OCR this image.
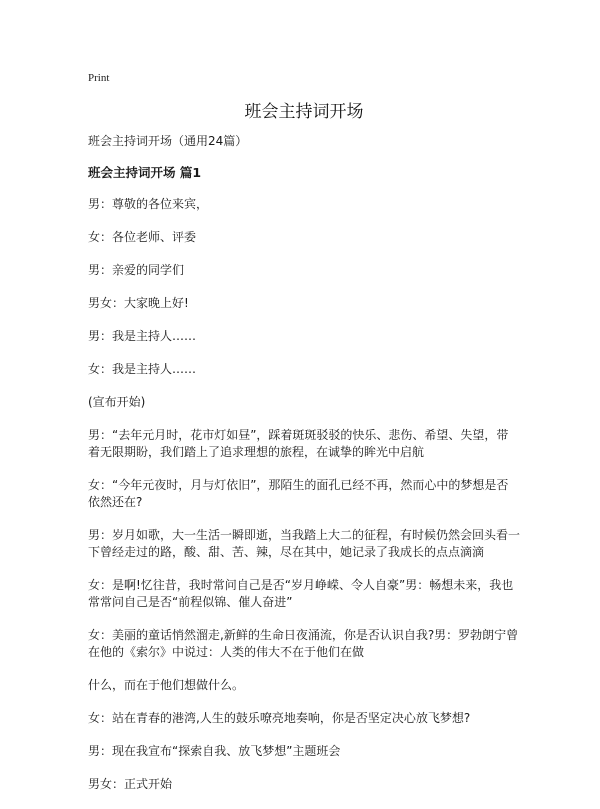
Print
班会主持词开场

班会主持词开场（通用24篇）

班会主持词开场 篇1

男：尊敬的各位来宾，

女：各位老师、评委

男：亲爱的同学们

男女：大家晚上好!

男：我是主持人……

女：我是主持人……

(宣布开始)

男：“去年元月时，花市灯如昼”，踩着斑斑驳驳的快乐、悲伤、希望、失望，带着无限期盼，我们踏上了追求理想的旅程，在诚挚的眸光中启航

女：“今年元夜时，月与灯依旧”，那陌生的面孔已经不再，然而心中的梦想是否依然还在?

男：岁月如歌，大一生活一瞬即逝，当我踏上大二的征程，有时候仍然会回头看一下曾经走过的路，酸、甜、苦、辣，尽在其中，她记录了我成长的点点滴滴

女：是啊!忆往昔，我时常问自己是否“岁月峥嵘、令人自豪”男：畅想未来，我也常常问自己是否“前程似锦、催人奋进”

女：美丽的童话悄然溜走,新鲜的生命日夜涌流，你是否认识自我?男：罗勃朗宁曾在他的《索尔》中说过：人类的伟大不在于他们在做

什么，而在于他们想做什么。

女：站在青春的港湾,人生的鼓乐嘹亮地奏响，你是否坚定决心放飞梦想?

男：现在我宣布“探索自我、放飞梦想”主题班会

男女：正式开始
